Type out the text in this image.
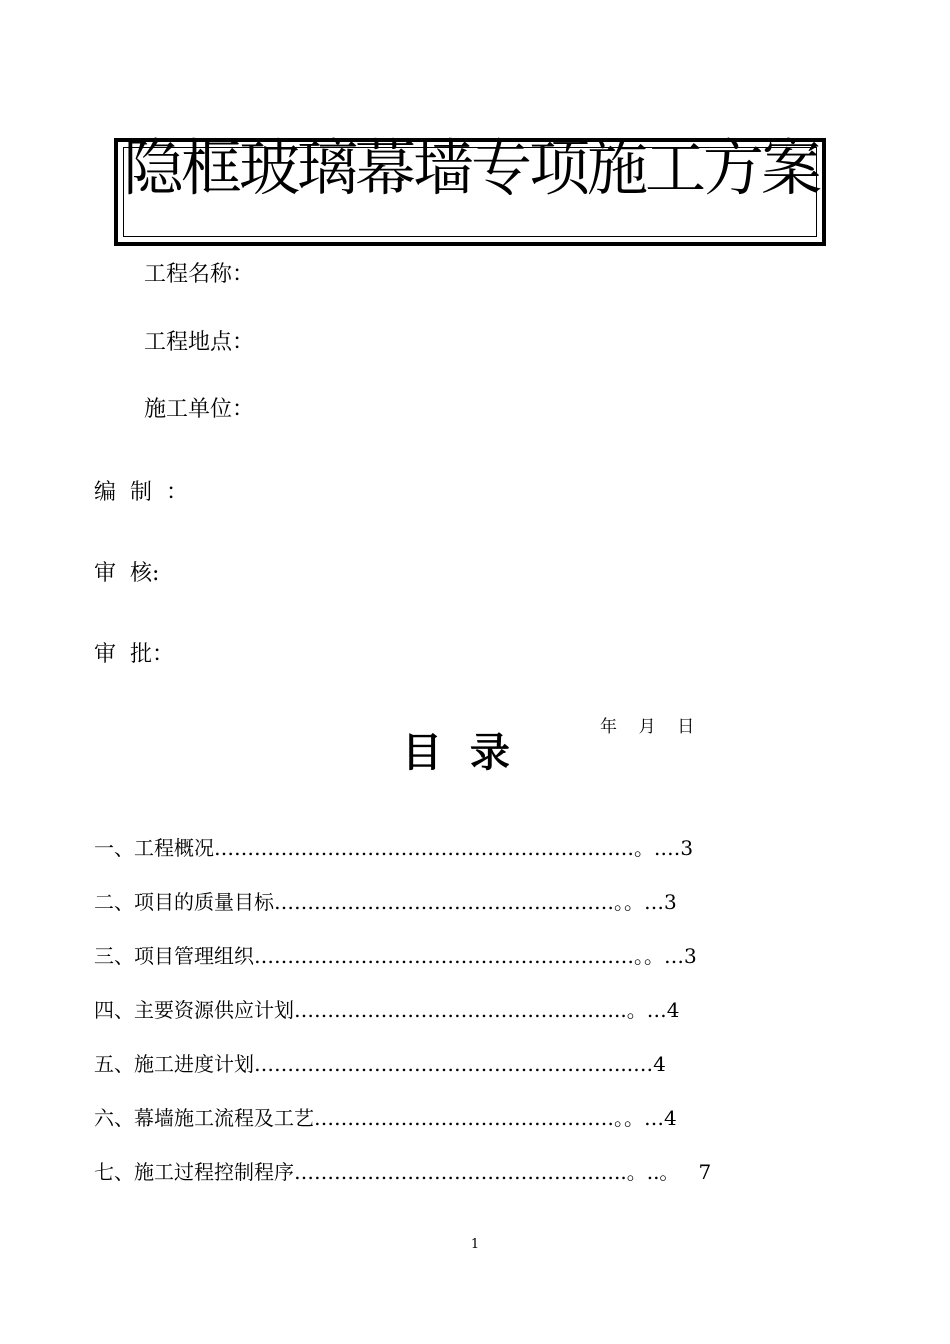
隐框玻璃幕墙专项施工方案
工程名称：
工程地点：
施工单位：
编  制  ：
审  核:
审  批：
年    月    日
目  录
一、工程概况………………………………………………………。.…3
二、项目的质量目标……………………………………………。。…3
三、项目管理组织…………………………………………………。。…3
四、主要资源供应计划…………………………………………..。…4
五、施工进度计划………………………………………………...…4
六、幕墙施工流程及工艺………………………………………。。…4
七、施工过程控制程序…………………………………………..。..。   7
1
